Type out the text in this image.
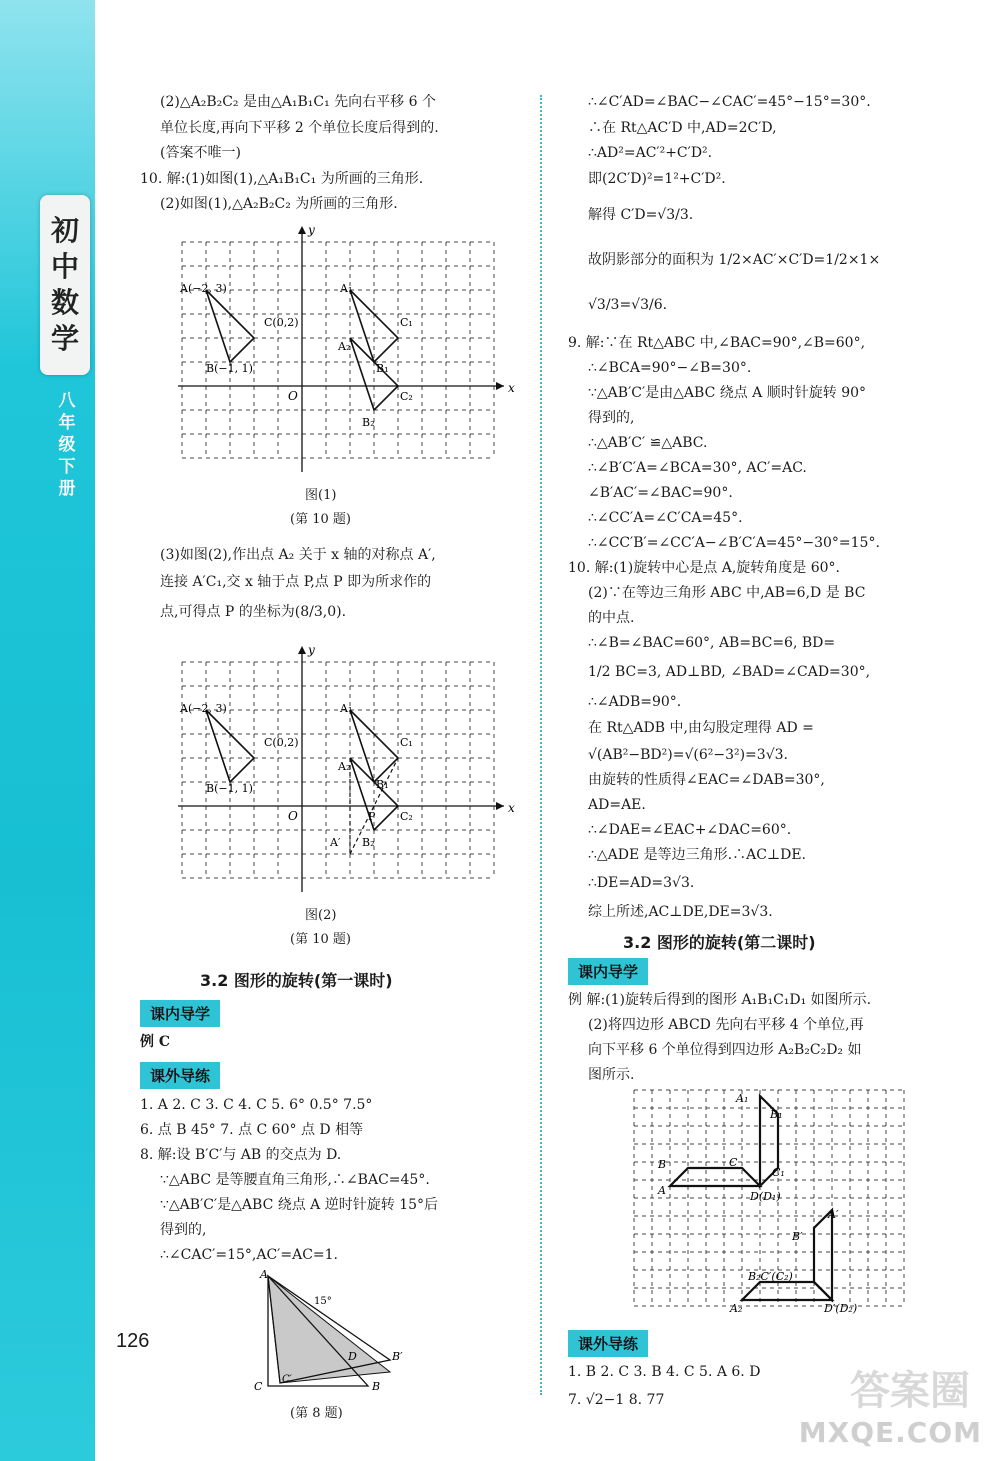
初
中
数
学
八年级下册
126
(2)△A₂B₂C₂ 是由△A₁B₁C₁ 先向右平移 6 个
单位长度,再向下平移 2 个单位长度后得到的.
(答案不唯一)
10. 解:(1)如图(1),△A₁B₁C₁ 为所画的三角形.
(2)如图(1),△A₂B₂C₂ 为所画的三角形.
x
y
O
A(−2, 3)
C(0,2)
B(−1, 1)
A₁
C₁
B₁
A₂
C₂
B₂
图(1)
(第 10 题)
(3)如图(2),作出点 A₂ 关于 x 轴的对称点 A′,
连接 A′C₁,交 x 轴于点 P,点 P 即为所求作的
点,可得点 P 的坐标为(8/3,0).
x
y
O
A(−2, 3)
C(0,2)
B(−1, 1)
A₁
C₁
B₁
A₂
C₂
B₂
P
A′
图(2)
(第 10 题)
3.2 图形的旋转(第一课时)
课内导学
例 C
课外导练
1. A 2. C 3. C 4. C 5. 6° 0.5° 7.5°
6. 点 B 45° 7. 点 C 60° 点 D 相等
8. 解:设 B′C′与 AB 的交点为 D.
∵△ABC 是等腰直角三角形,∴∠BAC=45°.
∵△AB′C′是△ABC 绕点 A 逆时针旋转 15°后
得到的,
∴∠CAC′=15°,AC′=AC=1.
A
15°
B
B′
D
C
C′
(第 8 题)
∴∠C′AD=∠BAC−∠CAC′=45°−15°=30°.
∴在 Rt△AC′D 中,AD=2C′D,
∴AD²=AC′²+C′D².
即(2C′D)²=1²+C′D².
解得 C′D=√3/3.
故阴影部分的面积为 1/2×AC′×C′D=1/2×1×
√3/3=√3/6.
9. 解:∵在 Rt△ABC 中,∠BAC=90°,∠B=60°,
∴∠BCA=90°−∠B=30°.
∵△AB′C′是由△ABC 绕点 A 顺时针旋转 90°
得到的,
∴△AB′C′ ≌△ABC.
∴∠B′C′A=∠BCA=30°, AC′=AC.
∠B′AC′=∠BAC=90°.
∴∠CC′A=∠C′CA=45°.
∴∠CC′B′=∠CC′A−∠B′C′A=45°−30°=15°.
10. 解:(1)旋转中心是点 A,旋转角度是 60°.
(2)∵在等边三角形 ABC 中,AB=6,D 是 BC
的中点.
∴∠B=∠BAC=60°, AB=BC=6, BD=
1/2 BC=3, AD⊥BD, ∠BAD=∠CAD=30°,
∴∠ADB=90°.
在 Rt△ADB 中,由勾股定理得 AD =
√(AB²−BD²)=√(6²−3²)=3√3.
由旋转的性质得∠EAC=∠DAB=30°,
AD=AE.
∴∠DAE=∠EAC+∠DAC=60°.
∴△ADE 是等边三角形.∴AC⊥DE.
∴DE=AD=3√3.
综上所述,AC⊥DE,DE=3√3.
3.2 图形的旋转(第二课时)
课内导学
例 解:(1)旋转后得到的图形 A₁B₁C₁D₁ 如图所示.
(2)将四边形 ABCD 先向右平移 4 个单位,再
向下平移 6 个单位得到四边形 A₂B₂C₂D₂ 如
图所示.
A₁
B₁
B	C
C₁
A	D(D₁)
A′
B′
B₂C′(C₂)
A₂	D′(D₂)
课外导练
1. B 2. C 3. B 4. C 5. A 6. D
7. √2−1 8. 77	答案圈
MXQE.COM
